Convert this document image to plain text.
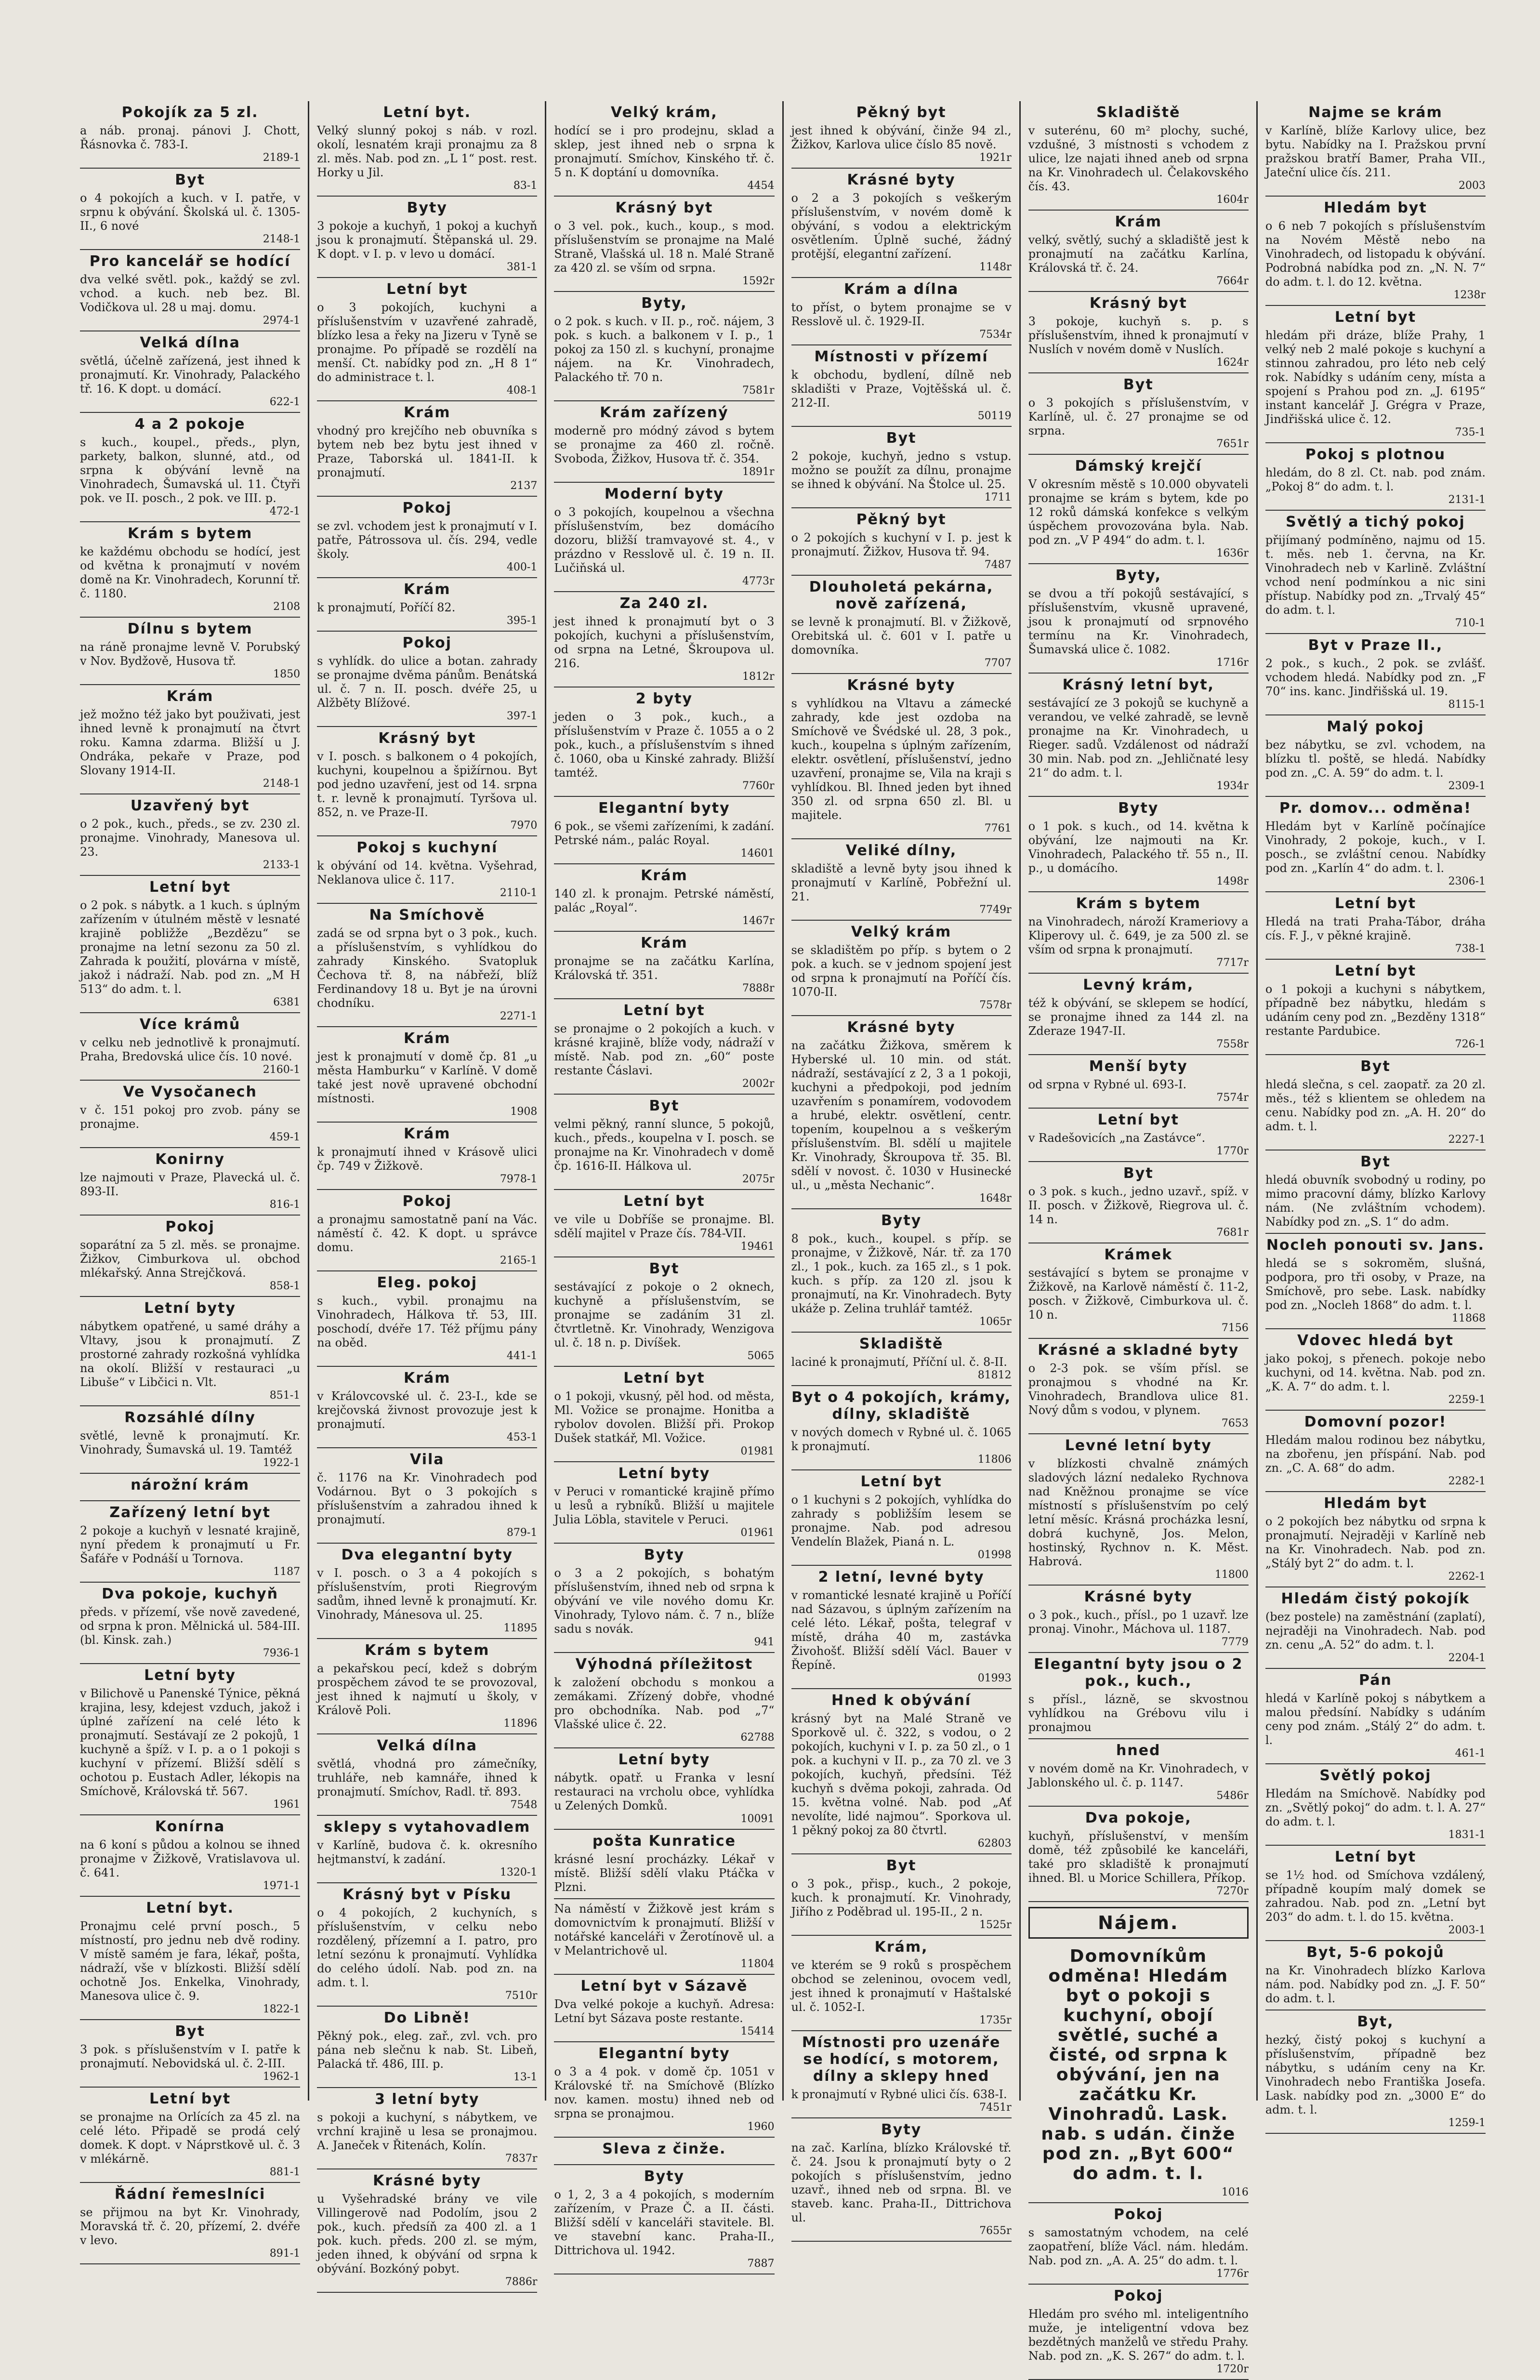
Pokojík za 5 zl.

a náb. pronaj. pánovi J. Chott, Řásnovka č. 783-I.

2189-1
Byt

o 4 pokojích a kuch. v I. patře, v srpnu k obývání. Školská ul. č. 1305-II., 6 nové

2148-1
Pro kancelář se hodící

dva velké světl. pok., každý se zvl. vchod. a kuch. neb bez. Bl. Vodičkova ul. 28 u maj. domu.

2974-1
Velká dílna

světlá, účelně zařízená, jest ihned k pronajmutí. Kr. Vinohrady, Palackého tř. 16. K dopt. u domácí.

622-1
4 a 2 pokoje

s kuch., koupel., předs., plyn, parkety, balkon, slunné, atd., od srpna k obývání levně na Vinohradech, Šumavská ul. 11. Čtyři pok. ve II. posch., 2 pok. ve III. p.

472-1
Krám s bytem

ke každému obchodu se hodící, jest od května k pronajmutí v novém domě na Kr. Vinohradech, Korunní tř. č. 1180.

2108
Dílnu s bytem

na ráně pronajme levně V. Porubský v Nov. Bydžově, Husova tř.

1850
Krám

jež možno též jako byt použivati, jest ihned levně k pronajmutí na čtvrt roku. Kamna zdarma. Bližší u J. Ondráka, pekaře v Praze, pod Slovany 1914-II.

2148-1
Uzavřený byt

o 2 pok., kuch., předs., se zv. 230 zl. pronajme. Vinohrady, Manesova ul. 23.

2133-1
Letní byt

o 2 pok. s nábytk. a 1 kuch. s úplným zařízením v útulném městě v lesnaté krajině pobližže „Bezdězu“ se pronajme na letní sezonu za 50 zl. Zahrada k použití, plovárna v místě, jakož i nádraží. Nab. pod zn. „M H 513“ do adm. t. l.

6381
Více krámů

v celku neb jednotlivě k pronajmutí. Praha, Bredovská ulice čís. 10 nové.

2160-1
Ve Vysočanech

v č. 151 pokoj pro zvob. pány se pronajme.

459-1
Konirny

lze najmouti v Praze, Plavecká ul. č. 893-II.

816-1
Pokoj

soparátní za 5 zl. měs. se pronajme. Žižkov, Cimburkova ul. obchod mlékařský. Anna Strejčková.

858-1
Letní byty

nábytkem opatřené, u samé dráhy a Vltavy, jsou k pronajmutí. Z prostorné zahrady rozkošná vyhlídka na okolí. Bližší v restauraci „u Libuše“ v Libčici n. Vlt.

851-1
Rozsáhlé dílny

světlé, levně k pronajmutí. Kr. Vinohrady, Šumavská ul. 19. Tamtéž

1922-1
nárožní krám
Zařízený letní byt

2 pokoje a kuchyň v lesnaté krajině, nyní předem k pronajmutí u Fr. Šafáře v Podnáší u Tornova.

1187
Dva pokoje, kuchyň

předs. v přízemí, vše nově zavedené, od srpna k pron. Mělnická ul. 584-III. (bl. Kinsk. zah.)

7936-1
Letní byty

v Bilichově u Panenské Týnice, pěkná krajina, lesy, kdejest vzduch, jakož i úplné zařízení na celé léto k pronajmutí. Sestávají ze 2 pokojů, 1 kuchyně a špíž. v I. p. a o 1 pokoji s kuchyní v přízemí. Bližší sdělí s ochotou p. Eustach Adler, lékopis na Smíchově, Královská tř. 567.

1961
Konírna

na 6 koní s půdou a kolnou se ihned pronajme v Žižkově, Vratislavova ul. č. 641.

1971-1
Letní byt.

Pronajmu celé první posch., 5 místností, pro jednu neb dvě rodiny. V místě samém je fara, lékař, pošta, nádraží, vše v blízkosti. Bližší sdělí ochotně Jos. Enkelka, Vinohrady, Manesova ulice č. 9.

1822-1
Byt

3 pok. s příslušenstvím v I. patře k pronajmutí. Nebovidská ul. č. 2-III.

1962-1
Letní byt

se pronajme na Orlících za 45 zl. na celé léto. Připadě se prodá celý domek. K dopt. v Náprstkově ul. č. 3 v mlékárně.

881-1
Řádní řemeslníci

se přijmou na byt Kr. Vinohrady, Moravská tř. č. 20, přízemí, 2. dvéře v levo.

891-1
Letní byt.

Velký slunný pokoj s náb. v rozl. okolí, lesnatém kraji pronajmu za 8 zl. měs. Nab. pod zn. „L 1“ post. rest. Horky u Jil.

83-1
Byty

3 pokoje a kuchyň, 1 pokoj a kuchyň jsou k pronajmutí. Štěpanská ul. 29. K dopt. v I. p. v levo u domácí.

381-1
Letní byt

o 3 pokojích, kuchyni a příslušenstvím v uzavřené zahradě, blízko lesa a řeky na Jizeru v Tyně se pronajme. Po případě se rozdělí na menší. Ct. nabídky pod zn. „H 8 1“ do administrace t. l.

408-1
Krám

vhodný pro krejčího neb obuvníka s bytem neb bez bytu jest ihned v Praze, Taborská ul. 1841-II. k pronajmutí.

2137
Pokoj

se zvl. vchodem jest k pronajmutí v I. patře, Pátrossova ul. čís. 294, vedle školy.

400-1
Krám

k pronajmutí, Poříčí 82.

395-1
Pokoj

s vyhlídk. do ulice a botan. zahrady se pronajme dvěma pánům. Benátská ul. č. 7 n. II. posch. dvéře 25, u Alžběty Blížové.

397-1
Krásný byt

v I. posch. s balkonem o 4 pokojích, kuchyni, koupelnou a špižírnou. Byt pod jedno uzavření, jest od 14. srpna t. r. levně k pronajmutí. Tyršova ul. 852, n. ve Praze-II.

7970
Pokoj s kuchyní

k obývání od 14. května. Vyšehrad, Neklanova ulice č. 117.

2110-1
Na Smíchově

zadá se od srpna byt o 3 pok., kuch. a příslušenstvím, s vyhlídkou do zahrady Kinského. Svatopluk Čechova tř. 8, na nábřeží, blíž Ferdinandovy 18 u. Byt je na úrovni chodníku.

2271-1
Krám

jest k pronajmutí v domě čp. 81 „u města Hamburku“ v Karlíně. V domě také jest nově upravené obchodní místnosti.

1908
Krám

k pronajmutí ihned v Krásově ulici čp. 749 v Žižkově.

7978-1
Pokoj

a pronajmu samostatně paní na Vác. náměstí č. 42. K dopt. u správce domu.

2165-1
Eleg. pokoj

s kuch., vybil. pronajmu na Vinohradech, Hálkova tř. 53, III. poschodí, dvéře 17. Též příjmu pány na oběd.

441-1
Krám

v Královcovské ul. č. 23-I., kde se krejčovská živnost provozuje jest k pronajmutí.

453-1
Vila

č. 1176 na Kr. Vinohradech pod Vodárnou. Byt o 3 pokojích s příslušenstvím a zahradou ihned k pronajmutí.

879-1
Dva elegantní byty

v I. posch. o 3 a 4 pokojích s příslušenstvím, proti Riegrovým sadům, ihned levně k pronajmutí. Kr. Vinohrady, Mánesova ul. 25.

11895
Krám s bytem

a pekařskou pecí, kdež s dobrým prospěchem závod te se provozoval, jest ihned k najmutí u školy, v Králově Poli.

11896
Velká dílna

světlá, vhodná pro zámečníky, truhláře, neb kamnáře, ihned k pronajmutí. Smíchov, Radl. tř. 893.

7548
sklepy s vytahovadlem

v Karlíně, budova č. k. okresního hejtmanství, k zadání.

1320-1
Krásný byt v Písku

o 4 pokojích, 2 kuchyních, s příslušenstvím, v celku nebo rozdělený, přízemní a I. patro, pro letní sezónu k pronajmutí. Vyhlídka do celého údolí. Nab. pod zn. na adm. t. l.

7510r
Do Libně!

Pěkný pok., eleg. zař., zvl. vch. pro pána neb slečnu k nab. St. Libeň, Palacká tř. 486, III. p.

13-1
3 letní byty

s pokoji a kuchyní, s nábytkem, ve vrchní krajině u lesa se pronajmou. A. Janeček v Řitenách, Kolín.

7837r
Krásné byty

u Vyšehradské brány ve vile Villingerově nad Podolím, jsou 2 pok., kuch. předsíň za 400 zl. a 1 pok. kuch. předs. 200 zl. se mým, jeden ihned, k obývání od srpna k obývání. Bozkóný pobyt.

7886r
Velký krám,

hodící se i pro prodejnu, sklad a sklep, jest ihned neb o srpna k pronajmutí. Smíchov, Kinského tř. č. 5 n. K doptání u domovníka.

4454
Krásný byt

o 3 vel. pok., kuch., koup., s mod. příslušenstvím se pronajme na Malé Straně, Vlašská ul. 18 n. Malé Straně za 420 zl. se vším od srpna.

1592r
Byty,

o 2 pok. s kuch. v II. p., roč. nájem, 3 pok. s kuch. a balkonem v I. p., 1 pokoj za 150 zl. s kuchyní, pronajme nájem. na Kr. Vinohradech, Palackého tř. 70 n.

7581r
Krám zařízený

moderně pro módný závod s bytem se pronajme za 460 zl. ročně. Svoboda, Žižkov, Husova tř. č. 354.

1891r
Moderní byty

o 3 pokojích, koupelnou a všechna příslušenstvím, bez domácího dozoru, bližší tramvayové st. 4., v prázdno v Resslově ul. č. 19 n. II. Lučiňská ul.

4773r
Za 240 zl.

jest ihned k pronajmutí byt o 3 pokojích, kuchyni a příslušenstvím, od srpna na Letné, Škroupova ul. 216.

1812r
2 byty

jeden o 3 pok., kuch., a příslušenstvím v Praze č. 1055 a o 2 pok., kuch., a příslušenstvím s ihned č. 1060, oba u Kinské zahrady. Bližší tamtéž.

7760r
Elegantní byty

6 pok., se všemi zařízeními, k zadání. Petrské nám., palác Royal.

14601
Krám

140 zl. k pronajm. Petrské náměstí, palác „Royal“.

1467r
Krám

pronajme se na začátku Karlína, Královská tř. 351.

7888r
Letní byt

se pronajme o 2 pokojích a kuch. v krásné krajině, blíže vody, nádraží v místě. Nab. pod zn. „60“ poste restante Čáslavi.

2002r
Byt

velmi pěkný, ranní slunce, 5 pokojů, kuch., předs., koupelna v I. posch. se pronajme na Kr. Vinohradech v domě čp. 1616-II. Hálkova ul.

2075r
Letní byt

ve vile u Dobříše se pronajme. Bl. sdělí majitel v Praze čís. 784-VII.

19461
Byt

sestávající z pokoje o 2 oknech, kuchyně a příslušenstvím, se pronajme se zadáním 31 zl. čtvrtletně. Kr. Vinohrady, Wenzigova ul. č. 18 n. p. Divíšek.

5065
Letní byt

o 1 pokoji, vkusný, pěl hod. od města, Ml. Vožice se pronajme. Honitba a rybolov dovolen. Bližší při. Prokop Dušek statkář, Ml. Vožice.

01981
Letní byty

v Peruci v romantické krajině přímo u lesů a rybníků. Bližší u majitele Julia Löbla, stavitele v Peruci.

01961
Byty

o 3 a 2 pokojích, s bohatým příslušenstvím, ihned neb od srpna k obývání ve vile nového domu Kr. Vinohrady, Tylovo nám. č. 7 n., blíže sadu s novák.

941
Výhodná příležitost

k založení obchodu s monkou a zemákami. Zřízený dobře, vhodné pro obchodníka. Nab. pod „7“ Vlašské ulice č. 22.

62788
Letní byty

nábytk. opatř. u Franka v lesní restauraci na vrcholu obce, vyhlídka u Zelených Domků.

10091
pošta Kunratice

krásné lesní procházky. Lékař v místě. Bližší sdělí vlaku Ptáčka v Plzni.

Na náměstí v Žižkově jest krám s domovnictvím k pronajmutí. Bližší v notářské kanceláři v Žerotínově ul. a v Melantrichově ul.

11804
Letní byt v Sázavě

Dva velké pokoje a kuchyň. Adresa: Letní byt Sázava poste restante.

15414
Elegantní byty

o 3 a 4 pok. v domě čp. 1051 v Královské tř. na Smíchově (Blízko nov. kamen. mostu) ihned neb od srpna se pronajmou.

1960
Sleva z činže.
Byty

o 1, 2, 3 a 4 pokojích, s moderním zařízením, v Praze Č. a II. části. Bližší sdělí v kanceláři stavitele. Bl. ve stavební kanc. Praha-II., Dittrichova ul. 1942.

7887
Pěkný byt

jest ihned k obývání, činže 94 zl., Žižkov, Karlova ulice číslo 85 nově.

1921r
Krásné byty

o 2 a 3 pokojích s veškerým příslušenstvím, v novém domě k obývání, s vodou a elektrickým osvětlením. Úplně suché, žádný protější, elegantní zařízení.

1148r
Krám a dílna

to příst, o bytem pronajme se v Resslově ul. č. 1929-II.

7534r
Místnosti v přízemí

k obchodu, bydlení, dílně neb skladišti v Praze, Vojtěšská ul. č. 212-II.

50119
Byt

2 pokoje, kuchyň, jedno s vstup. možno se použít za dílnu, pronajme se ihned k obývání. Na Štolce ul. 25.

1711
Pěkný byt

o 2 pokojích s kuchyní v I. p. jest k pronajmutí. Žižkov, Husova tř. 94.

7487
Dlouholetá pekárna, nově zařízená,

se levně k pronajmutí. Bl. v Žižkově, Orebitská ul. č. 601 v I. patře u domovníka.

7707
Krásné byty

s vyhlídkou na Vltavu a zámecké zahrady, kde jest ozdoba na Smíchově ve Švédské ul. 28, 3 pok., kuch., koupelna s úplným zařízením, elektr. osvětlení, příslušenství, jedno uzavření, pronajme se, Vila na kraji s vyhlídkou. Bl. Ihned jeden byt ihned 350 zl. od srpna 650 zl. Bl. u majitele.

7761
Veliké dílny,

skladiště a levně byty jsou ihned k pronajmutí v Karlíně, Pobřežní ul. 21.

7749r
Velký krám

se skladištěm po příp. s bytem o 2 pok. a kuch. se v jednom spojení jest od srpna k pronajmutí na Poříčí čís. 1070-II.

7578r
Krásné byty

na začátku Žižkova, směrem k Hyberské ul. 10 min. od stát. nádraží, sestávající z 2, 3 a 1 pokoji, kuchyni a předpokoji, pod jedním uzavřením s ponamírem, vodovodem a hrubé, elektr. osvětlení, centr. topením, koupelnou a s veškerým příslušenstvím. Bl. sdělí u majitele Kr. Vinohrady, Škroupova tř. 35. Bl. sdělí v novost. č. 1030 v Husinecké ul., u „města Nechanic“.

1648r
Byty

8 pok., kuch., koupel. s příp. se pronajme, v Žižkově, Nár. tř. za 170 zl., 1 pok., kuch. za 165 zl., s 1 pok. kuch. s příp. za 120 zl. jsou k pronajmutí, na Kr. Vinohradech. Byty ukáže p. Zelina truhlář tamtéž.

1065r
Skladiště

laciné k pronajmutí, Příční ul. č. 8-II.

81812
Byt o 4 pokojích, krámy, dílny, skladiště

v nových domech v Rybné ul. č. 1065 k pronajmutí.

11806
Letní byt

o 1 kuchyni s 2 pokojích, vyhlídka do zahrady s pobližším lesem se pronajme. Nab. pod adresou Vendelín Blažek, Pianá n. L.

01998
2 letní, levné byty

v romantické lesnaté krajině u Poříčí nad Sázavou, s úplným zařízením na celé léto. Lékař, pošta, telegraf v místě, dráha 40 m, zastávka Živohošť. Bližší sdělí Václ. Bauer v Řepíně.

01993
Hned k obývání

krásný byt na Malé Straně ve Sporkově ul. č. 322, s vodou, o 2 pokojích, kuchyni v I. p. za 50 zl., o 1 pok. a kuchyni v II. p., za 70 zl. ve 3 pokojích, kuchyň, předsíni. Též kuchyň s dvěma pokoji, zahrada. Od 15. května volné. Nab. pod „Ať nevolíte, lidé najmou“. Sporkova ul. 1 pěkný pokoj za 80 čtvrtl.

62803
Byt

o 3 pok., přisp., kuch., 2 pokoje, kuch. k pronajmutí. Kr. Vinohrady, Jiřího z Poděbrad ul. 195-II., 2 n.

1525r
Krám,

ve kterém se 9 roků s prospěchem obchod se zeleninou, ovocem vedl, jest ihned k pronajmutí v Haštalské ul. č. 1052-I.

1735r
Místnosti pro uzenáře se hodící, s motorem, dílny a sklepy hned

k pronajmutí v Rybné ulici čís. 638-I.

7451r
Byty

na zač. Karlína, blízko Královské tř. č. 24. Jsou k pronajmutí byty o 2 pokojích s příslušenstvím, jedno uzavř., ihned neb od srpna. Bl. ve staveb. kanc. Praha-II., Dittrichova ul.

7655r
Skladiště

v suterénu, 60 m² plochy, suché, vzdušné, 3 místnosti s vchodem z ulice, lze najati ihned aneb od srpna na Kr. Vinohradech ul. Čelakovského čís. 43.

1604r
Krám

velký, světlý, suchý a skladiště jest k pronajmutí na začátku Karlína, Královská tř. č. 24.

7664r
Krásný byt

3 pokoje, kuchyň s. p. s příslušenstvím, ihned k pronajmutí v Nuslích v novém domě v Nuslích.

1624r
Byt

o 3 pokojích s příslušenstvím, v Karlíně, ul. č. 27 pronajme se od srpna.

7651r
Dámský krejčí

V okresním městě s 10.000 obyvateli pronajme se krám s bytem, kde po 12 roků dámská konfekce s velkým úspěchem provozována byla. Nab. pod zn. „V P 494“ do adm. t. l.

1636r
Byty,

se dvou a tří pokojů sestávající, s příslušenstvím, vkusně upravené, jsou k pronajmutí od srpnového termínu na Kr. Vinohradech, Šumavská ulice č. 1082.

1716r
Krásný letní byt,

sestávající ze 3 pokojů se kuchyně a verandou, ve velké zahradě, se levně pronajme na Kr. Vinohradech, u Rieger. sadů. Vzdálenost od nádraží 30 min. Nab. pod zn. „Jehličnaté lesy 21“ do adm. t. l.

1934r
Byty

o 1 pok. s kuch., od 14. května k obývání, lze najmouti na Kr. Vinohradech, Palackého tř. 55 n., II. p., u domácího.

1498r
Krám s bytem

na Vinohradech, nároží Krameriovy a Kliperovy ul. č. 649, je za 500 zl. se vším od srpna k pronajmutí.

7717r
Levný krám,

též k obývání, se sklepem se hodící, se pronajme ihned za 144 zl. na Zderaze 1947-II.

7558r
Menší byty

od srpna v Rybné ul. 693-I.

7574r
Letní byt

v Radešovicích „na Zastávce“.

1770r
Byt

o 3 pok. s kuch., jedno uzavř., spíž. v II. posch. v Žižkově, Riegrova ul. č. 14 n.

7681r
Krámek

sestávající s bytem se pronajme v Žižkově, na Karlově náměstí č. 11-2, posch. v Žižkově, Cimburkova ul. č. 10 n.

7156
Krásné a skladné byty

o 2-3 pok. se vším přísl. se pronajmou s vhodné na Kr. Vinohradech, Brandlova ulice 81. Nový dům s vodou, v plynem.

7653
Levné letní byty

v blízkosti chvalně známých sladových lázní nedaleko Rychnova nad Kněžnou pronajme se více místností s příslušenstvím po celý letní měsíc. Krásná procházka lesní, dobrá kuchyně, Jos. Melon, hostinský, Rychnov n. K. Měst. Habrová.

11800
Krásné byty

o 3 pok., kuch., přísl., po 1 uzavř. lze pronaj. Vinohr., Máchova ul. 1187.

7779
Elegantní byty jsou o 2 pok., kuch.,

s přísl., lázně, se skvostnou vyhlídkou na Grébovu vilu i pronajmou

hned

v novém domě na Kr. Vinohradech, v Jablonského ul. č. p. 1147.

5486r
Dva pokoje,

kuchyň, příslušenství, v menším domě, též způsobilé ke kanceláři, také pro skladiště k pronajmutí ihned. Bl. u Morice Schillera, Příkop.

7270r
Nájem.
Domovníkům odměna! Hledám byt o pokoji s kuchyní, obojí světlé, suché a čisté, od srpna k obývání, jen na začátku Kr. Vinohradů. Lask. nab. s udán. činže pod zn. „Byt 600“ do adm. t. l.
1016
Pokoj

s samostatným vchodem, na celé zaopatření, blíže Václ. nám. hledám. Nab. pod zn. „A. A. 25“ do adm. t. l.

1776r
Pokoj

Hledám pro svého ml. inteligentního muže, je inteligentní vdova bez bezdětných manželů ve středu Prahy. Nab. pod zn. „K. S. 267“ do adm. t. l.

1720r
Najme se krám

v Karlíně, blíže Karlovy ulice, bez bytu. Nabídky na I. Pražskou první pražskou bratří Bamer, Praha VII., Jateční ulice čís. 211.

2003
Hledám byt

o 6 neb 7 pokojích s příslušenstvím na Novém Městě nebo na Vinohradech, od listopadu k obývání. Podrobná nabídka pod zn. „N. N. 7“ do adm. t. l. do 12. května.

1238r
Letní byt

hledám při dráze, blíže Prahy, 1 velký neb 2 malé pokoje s kuchyní a stinnou zahradou, pro léto neb celý rok. Nabídky s udáním ceny, místa a spojení s Prahou pod zn. „J. 6195“ instant kancelář J. Grégra v Praze, Jindřišská ulice č. 12.

735-1
Pokoj s plotnou

hledám, do 8 zl. Ct. nab. pod znám. „Pokoj 8“ do adm. t. l.

2131-1
Světlý a tichý pokoj

přijímaný podmíněno, najmu od 15. t. měs. neb 1. června, na Kr. Vinohradech neb v Karlině. Zvláštní vchod není podmínkou a nic sini přístup. Nabídky pod zn. „Trvalý 45“ do adm. t. l.

710-1
Byt v Praze II.,

2 pok., s kuch., 2 pok. se zvlášť. vchodem hledá. Nabídky pod zn. „F 70“ ins. kanc. Jindřišská ul. 19.

8115-1
Malý pokoj

bez nábytku, se zvl. vchodem, na blízku tl. poště, se hledá. Nabídky pod zn. „C. A. 59“ do adm. t. l.

2309-1
Pr. domov... odměna!

Hledám byt v Karlíně počínajíce Vinohrady, 2 pokoje, kuch., v I. posch., se zvláštní cenou. Nabídky pod zn. „Karlín 4“ do adm. t. l.

2306-1
Letní byt

Hledá na trati Praha-Tábor, dráha cís. F. J., v pěkné krajině.

738-1
Letní byt

o 1 pokoji a kuchyni s nábytkem, případně bez nábytku, hledám s udáním ceny pod zn. „Bezděny 1318“ restante Pardubice.

726-1
Byt

hledá slečna, s cel. zaopatř. za 20 zl. měs., též s klientem se ohledem na cenu. Nabídky pod zn. „A. H. 20“ do adm. t. l.

2227-1
Byt

hledá obuvník svobodný u rodiny, po mimo pracovní dámy, blízko Karlovy nám. (Ne zvláštním vchodem). Nabídky pod zn. „S. 1“ do adm.

Nocleh ponouti sv. Jans.

hledá se s sokroměm, slušná, podpora, pro tři osoby, v Praze, na Smíchově, pro sebe. Lask. nabídky pod zn. „Nocleh 1868“ do adm. t. l.

11868
Vdovec hledá byt

jako pokoj, s přenech. pokoje nebo kuchyni, od 14. května. Nab. pod zn. „K. A. 7“ do adm. t. l.

2259-1
Domovní pozor!

Hledám malou rodinou bez nábytku, na zbořenu, jen příspání. Nab. pod zn. „C. A. 68“ do adm.

2282-1
Hledám byt

o 2 pokojích bez nábytku od srpna k pronajmutí. Nejraději v Karlíně neb na Kr. Vinohradech. Nab. pod zn. „Stálý byt 2“ do adm. t. l.

2262-1
Hledám čistý pokojík

(bez postele) na zaměstnání (zaplatí), nejraději na Vinohradech. Nab. pod zn. cenu „A. 52“ do adm. t. l.

2204-1
Pán

hledá v Karlíně pokoj s nábytkem a malou předsíní. Nabídky s udáním ceny pod znám. „Stálý 2“ do adm. t. l.

461-1
Světlý pokoj

Hledám na Smíchově. Nabídky pod zn. „Světlý pokoj“ do adm. t. l. A. 27“ do adm. t. l.

1831-1
Letní byt

se 1½ hod. od Smíchova vzdálený, případně koupím malý domek se zahradou. Nab. pod zn. „Letní byt 203“ do adm. t. l. do 15. května.

2003-1
Byt, 5-6 pokojů

na Kr. Vinohradech blízko Karlova nám. pod. Nabídky pod zn. „J. F. 50“ do adm. t. l.

Byt,

hezký, čistý pokoj s kuchyní a příslušenstvím, případně bez nábytku, s udáním ceny na Kr. Vinohradech nebo Františka Josefa. Lask. nabídky pod zn. „3000 E“ do adm. t. l.

1259-1
